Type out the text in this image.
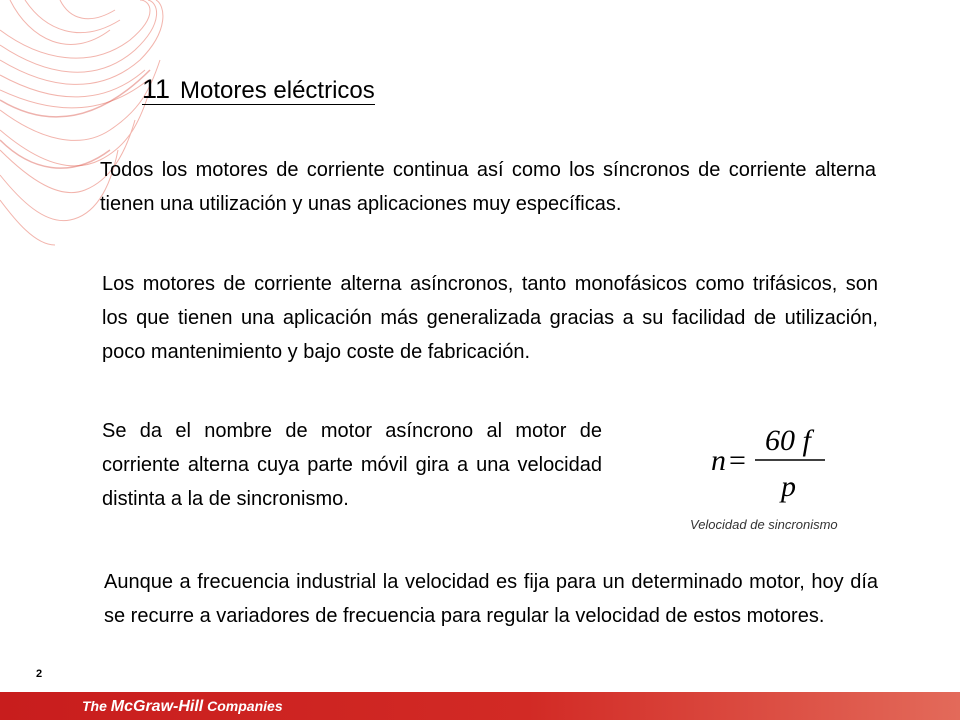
11 Motores eléctricos

Todos los motores de corriente continua así como los síncronos de corriente alterna tienen una utilización y unas aplicaciones muy específicas.

Los motores de corriente alterna asíncronos, tanto monofásicos como trifásicos, son los que tienen una aplicación más generalizada gracias a su facilidad de utilización, poco mantenimiento y bajo coste de fabricación.

Se da el nombre de motor asíncrono al motor de corriente alterna cuya parte móvil gira a una velocidad distinta a la de sincronismo.

n =
60 f
p
Velocidad de sincronismo

Aunque a frecuencia industrial la velocidad es fija para un determinado motor, hoy día se recurre a variadores de frecuencia para regular la velocidad de estos motores.

2
The McGraw-Hill Companies
